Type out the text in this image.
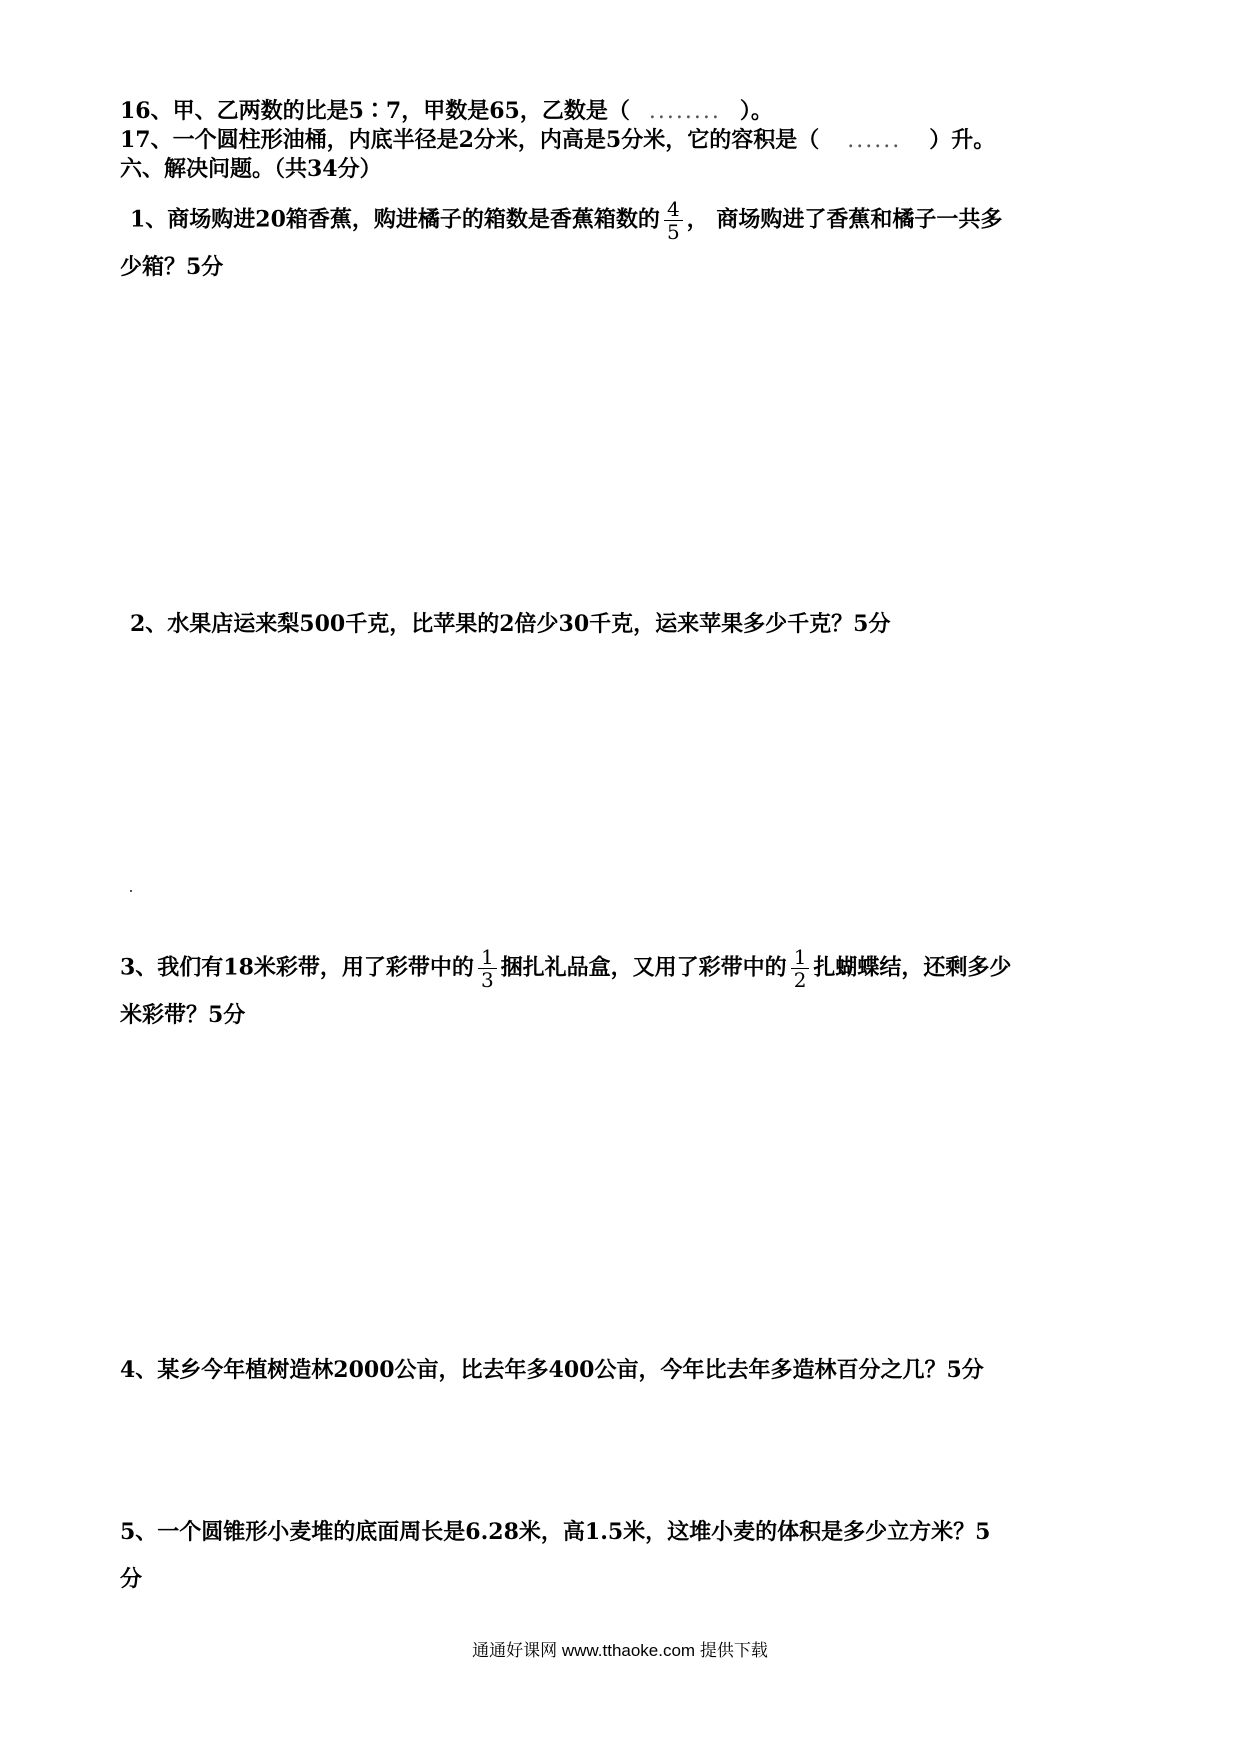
16、甲、乙两数的比是5∶7，甲数是65，乙数是（ ........ ）。
17、一个圆柱形油桶，内底半径是2分米，内高是5分米，它的容积是（ ...... ）升。
六、解决问题。（共34分）
1、商场购进20箱香蕉，购进橘子的箱数是香蕉箱数的 $\frac{4}{5}$ ， 商场购进了香蕉和橘子一共多
少箱？5分
2、水果店运来梨500千克，比苹果的2倍少30千克，运来苹果多少千克？5分
3、我们有18米彩带，用了彩带中的 $\frac{1}{3}$ 捆扎礼品盒，又用了彩带中的 $\frac{1}{2}$ 扎蝴蝶结，还剩多少
米彩带？5分
4、某乡今年植树造林2000公亩，比去年多400公亩，今年比去年多造林百分之几？5分
5、一个圆锥形小麦堆的底面周长是6.28米，高1.5米，这堆小麦的体积是多少立方米？5
分
通通好课网 www.tthaoke.com 提供下载
